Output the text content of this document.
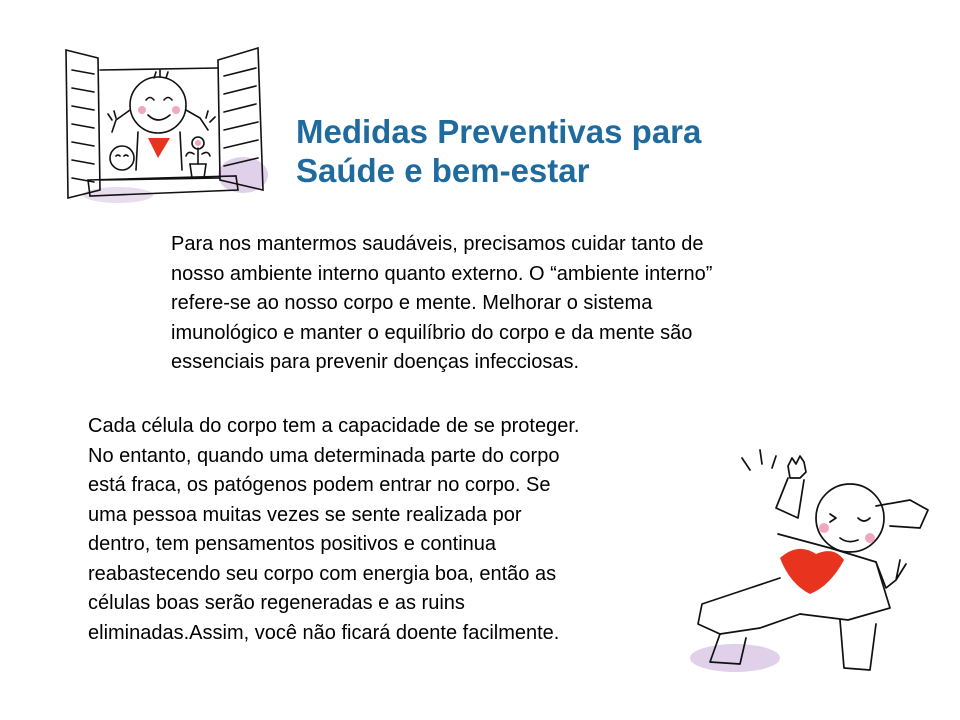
Medidas Preventivas para
Saúde e bem-estar

Para nos mantermos saudáveis, precisamos cuidar tanto de
nosso ambiente interno quanto externo. O “ambiente interno”
refere-se ao nosso corpo e mente. Melhorar o sistema
imunológico e manter o equilíbrio do corpo e da mente são
essenciais para prevenir doenças infecciosas.

Cada célula do corpo tem a capacidade de se proteger.
No entanto, quando uma determinada parte do corpo
está fraca, os patógenos podem entrar no corpo. Se
uma pessoa muitas vezes se sente realizada por
dentro, tem pensamentos positivos e continua
reabastecendo seu corpo com energia boa, então as
células boas serão regeneradas e as ruins
eliminadas.Assim, você não ficará doente facilmente.
